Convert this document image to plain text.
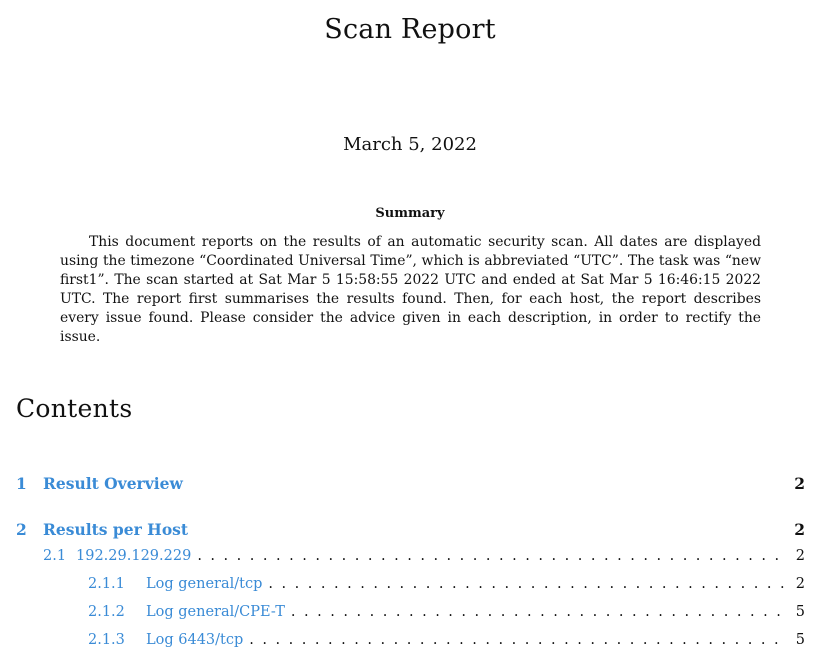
Scan Report
March 5, 2022
Summary
This document reports on the results of an automatic security scan. All dates are displayed using the timezone “Coordinated Universal Time”, which is abbreviated “UTC”. The task was “new first1”. The scan started at Sat Mar 5 15:58:55 2022 UTC and ended at Sat Mar 5 16:46:15 2022 UTC. The report first summarises the results found. Then, for each host, the report describes every issue found. Please consider the advice given in each description, in order to rectify the issue.
Contents
1	Result Overview	2
2	Results per Host	2
2.1 192.29.129.229 . . .	2
2.1.1	Log general/tcp . . .	2
2.1.2	Log general/CPE-T . . .	5
2.1.3	Log 6443/tcp . . .	5
